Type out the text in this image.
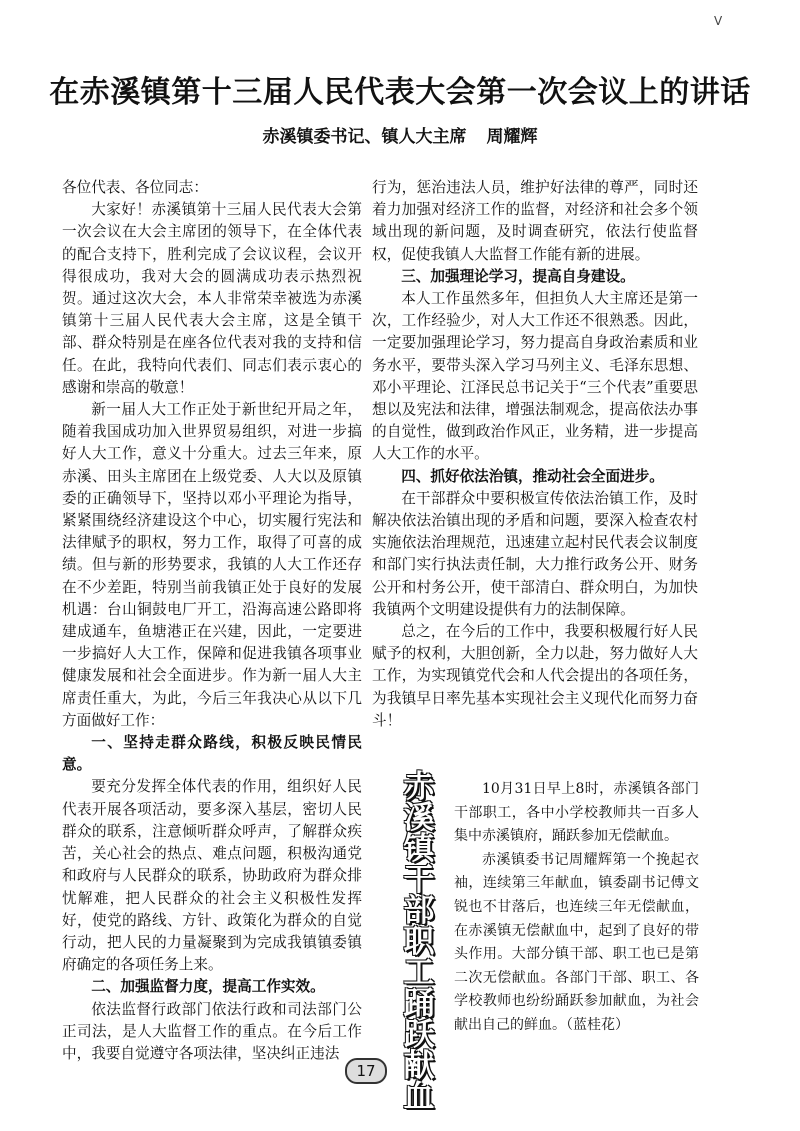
V
在赤溪镇第十三届人民代表大会第一次会议上的讲话
赤溪镇委书记、镇人大主席 周耀辉

各位代表、各位同志：

大家好！赤溪镇第十三届人民代表大会第一次会议在大会主席团的领导下，在全体代表的配合支持下，胜利完成了会议议程，会议开得很成功，我对大会的圆满成功表示热烈祝贺。通过这次大会，本人非常荣幸被选为赤溪镇第十三届人民代表大会主席，这是全镇干部、群众特别是在座各位代表对我的支持和信任。在此，我特向代表们、同志们表示衷心的感谢和崇高的敬意！

新一届人大工作正处于新世纪开局之年，随着我国成功加入世界贸易组织，对进一步搞好人大工作，意义十分重大。过去三年来，原赤溪、田头主席团在上级党委、人大以及原镇委的正确领导下，坚持以邓小平理论为指导，紧紧围绕经济建设这个中心，切实履行宪法和法律赋予的职权，努力工作，取得了可喜的成绩。但与新的形势要求，我镇的人大工作还存在不少差距，特别当前我镇正处于良好的发展机遇：台山铜鼓电厂开工，沿海高速公路即将建成通车，鱼塘港正在兴建，因此，一定要进一步搞好人大工作，保障和促进我镇各项事业健康发展和社会全面进步。作为新一届人大主席责任重大，为此，今后三年我决心从以下几方面做好工作：

一、坚持走群众路线，积极反映民情民意。

要充分发挥全体代表的作用，组织好人民代表开展各项活动，要多深入基层，密切人民群众的联系，注意倾听群众呼声，了解群众疾苦，关心社会的热点、难点问题，积极沟通党和政府与人民群众的联系，协助政府为群众排忧解难，把人民群众的社会主义积极性发挥好，使党的路线、方针、政策化为群众的自觉行动，把人民的力量凝聚到为完成我镇镇委镇府确定的各项任务上来。

二、加强监督力度，提高工作实效。

依法监督行政部门依法行政和司法部门公正司法，是人大监督工作的重点。在今后工作中，我要自觉遵守各项法律，坚决纠正违法

行为，惩治违法人员，维护好法律的尊严，同时还着力加强对经济工作的监督，对经济和社会多个领域出现的新问题，及时调查研究，依法行使监督权，促使我镇人大监督工作能有新的进展。

三、加强理论学习，提高自身建设。

本人工作虽然多年，但担负人大主席还是第一次，工作经验少，对人大工作还不很熟悉。因此，一定要加强理论学习，努力提高自身政治素质和业务水平，要带头深入学习马列主义、毛泽东思想、邓小平理论、江泽民总书记关于“三个代表”重要思想以及宪法和法律，增强法制观念，提高依法办事的自觉性，做到政治作风正，业务精，进一步提高人大工作的水平。

四、抓好依法治镇，推动社会全面进步。

在干部群众中要积极宣传依法治镇工作，及时解决依法治镇出现的矛盾和问题，要深入检查农村实施依法治理规范，迅速建立起村民代表会议制度和部门实行执法责任制，大力推行政务公开、财务公开和村务公开，使干部清白、群众明白，为加快我镇两个文明建设提供有力的法制保障。

总之，在今后的工作中，我要积极履行好人民赋予的权利，大胆创新，全力以赴，努力做好人大工作，为实现镇党代会和人代会提出的各项任务，为我镇早日率先基本实现社会主义现代化而努力奋斗！

赤
溪
镇
干
部
职
工
踊
跃
献
血

10月31日早上8时，赤溪镇各部门干部职工，各中小学校教师共一百多人集中赤溪镇府，踊跃参加无偿献血。

赤溪镇委书记周耀辉第一个挽起衣袖，连续第三年献血，镇委副书记傅文锐也不甘落后，也连续三年无偿献血，在赤溪镇无偿献血中，起到了良好的带头作用。大部分镇干部、职工也已是第二次无偿献血。各部门干部、职工、各学校教师也纷纷踊跃参加献血，为社会献出自己的鲜血。（蓝桂花）

17
